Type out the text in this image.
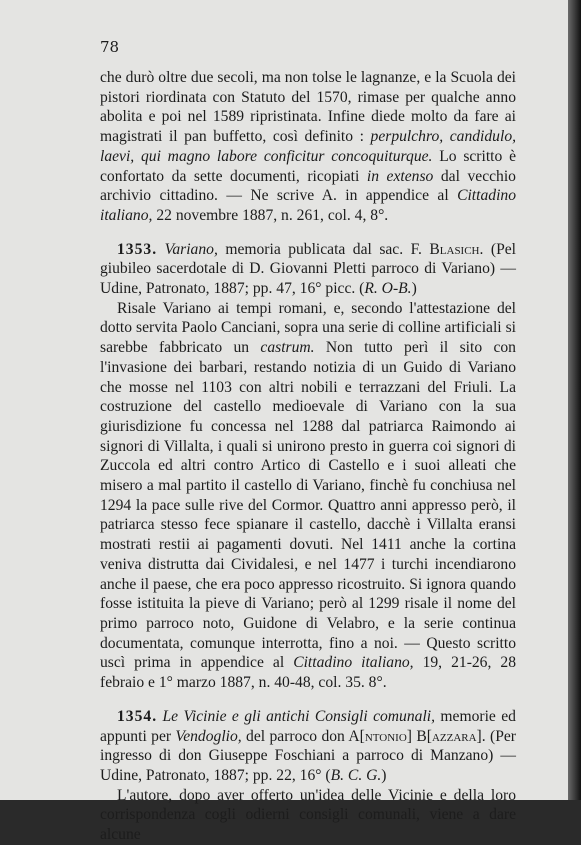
78

che durò oltre due secoli, ma non tolse le lagnanze, e la Scuola dei pistori riordinata con Statuto del 1570, rimase per qualche anno abolita e poi nel 1589 ripristinata. Infine diede molto da fare ai magistrati il pan buffetto, così definito : perpulchro, candidulo, laevi, qui magno labore conficitur concoquiturque. Lo scritto è confortato da sette documenti, ricopiati in extenso dal vecchio archivio cittadino. — Ne scrive A. in appendice al Cittadino italiano, 22 novembre 1887, n. 261, col. 4, 8°.

1353. Variano, memoria publicata dal sac. F. Blasich. (Pel giubileo sacerdotale di D. Giovanni Pletti parroco di Variano) — Udine, Patronato, 1887; pp. 47, 16° picc. (R. O-B.)

Risale Variano ai tempi romani, e, secondo l'attestazione del dotto servita Paolo Canciani, sopra una serie di colline artificiali si sarebbe fabbricato un castrum. Non tutto perì il sito con l'invasione dei barbari, restando notizia di un Guido di Variano che mosse nel 1103 con altri nobili e terrazzani del Friuli. La costruzione del castello medioevale di Variano con la sua giurisdizione fu concessa nel 1288 dal patriarca Raimondo ai signori di Villalta, i quali si unirono presto in guerra coi signori di Zuccola ed altri contro Artico di Castello e i suoi alleati che misero a mal partito il castello di Variano, finchè fu conchiusa nel 1294 la pace sulle rive del Cormor. Quattro anni appresso però, il patriarca stesso fece spianare il castello, dacchè i Villalta eransi mostrati restii ai pagamenti dovuti. Nel 1411 anche la cortina veniva distrutta dai Cividalesi, e nel 1477 i turchi incendiarono anche il paese, che era poco appresso ricostruito. Si ignora quando fosse istituita la pieve di Variano; però al 1299 risale il nome del primo parroco noto, Guidone di Velabro, e la serie continua documentata, comunque interrotta, fino a noi. — Questo scritto uscì prima in appendice al Cittadino italiano, 19, 21-26, 28 febraio e 1° marzo 1887, n. 40-48, col. 35. 8°.

1354. Le Vicinie e gli antichi Consigli comunali, memorie ed appunti per Vendoglio, del parroco don A[ntonio] B[azzara]. (Per ingresso di don Giuseppe Foschiani a parroco di Manzano) — Udine, Patronato, 1887; pp. 22, 16° (B. C. G.)

L'autore, dopo aver offerto un'idea delle Vicinie e della loro corrispondenza cogli odierni consigli comunali, viene a dare alcune
